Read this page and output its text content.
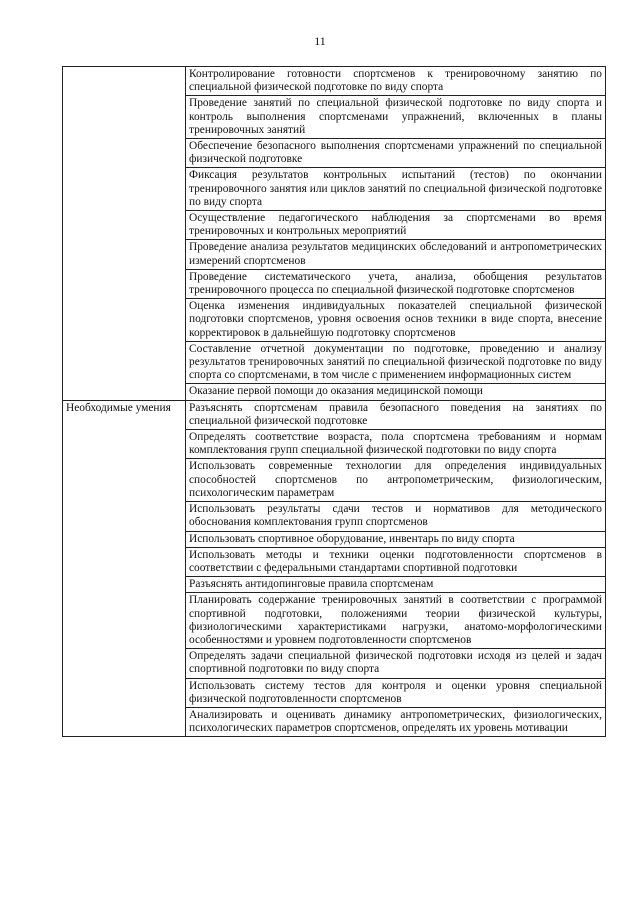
11
	Контролирование готовности спортсменов к тренировочному занятию по специальной физической подготовке по виду спорта
	Проведение занятий по специальной физической подготовке по виду спорта и контроль выполнения спортсменами упражнений, включенных в планы тренировочных занятий
	Обеспечение безопасного выполнения спортсменами упражнений по специальной физической подготовке
	Фиксация результатов контрольных испытаний (тестов) по окончании тренировочного занятия или циклов занятий по специальной физической подготовке по виду спорта
	Осуществление педагогического наблюдения за спортсменами во время тренировочных и контрольных мероприятий
	Проведение анализа результатов медицинских обследований и антропометрических измерений спортсменов
	Проведение систематического учета, анализа, обобщения результатов тренировочного процесса по специальной физической подготовке спортсменов
	Оценка изменения индивидуальных показателей специальной физической подготовки спортсменов, уровня освоения основ техники в виде спорта, внесение корректировок в дальнейшую подготовку спортсменов
	Составление отчетной документации по подготовке, проведению и анализу результатов тренировочных занятий по специальной физической подготовке по виду спорта со спортсменами, в том числе с применением информационных систем
	Оказание первой помощи до оказания медицинской помощи
Необходимые умения	Разъяснять спортсменам правила безопасного поведения на занятиях по специальной физической подготовке
	Определять соответствие возраста, пола спортсмена требованиям и нормам комплектования групп специальной физической подготовки по виду спорта
	Использовать современные технологии для определения индивидуальных способностей спортсменов по антропометрическим, физиологическим, психологическим параметрам
	Использовать результаты сдачи тестов и нормативов для методического обоснования комплектования групп спортсменов
	Использовать спортивное оборудование, инвентарь по виду спорта
	Использовать методы и техники оценки подготовленности спортсменов в соответствии с федеральными стандартами спортивной подготовки
	Разъяснять антидопинговые правила спортсменам
	Планировать содержание тренировочных занятий в соответствии с программой спортивной подготовки, положениями теории физической культуры, физиологическими характеристиками нагрузки, анатомо-морфологическими особенностями и уровнем подготовленности спортсменов
	Определять задачи специальной физической подготовки исходя из целей и задач спортивной подготовки по виду спорта
	Использовать систему тестов для контроля и оценки уровня специальной физической подготовленности спортсменов
	Анализировать и оценивать динамику антропометрических, физиологических, психологических параметров спортсменов, определять их уровень мотивации
